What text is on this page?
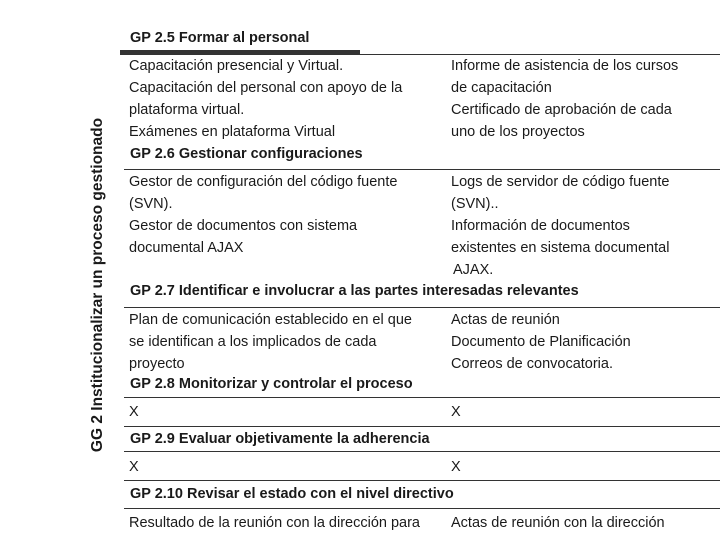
GG 2 Institucionalizar un proceso gestionado
GP 2.5 Formar al personal
Capacitación presencial y Virtual.
Capacitación del personal con apoyo de la
plataforma virtual.
Exámenes en plataforma Virtual
Informe de asistencia de los cursos
de capacitación
Certificado de aprobación de cada
uno de los proyectos
GP 2.6 Gestionar configuraciones
Gestor de configuración del código fuente
(SVN).
Gestor de documentos con sistema
documental AJAX
Logs de servidor de código fuente
(SVN)..
Información de documentos
existentes en sistema documental
AJAX.
GP 2.7 Identificar e involucrar a las partes interesadas relevantes
Plan de comunicación establecido en el que
se identifican a los implicados de cada
proyecto
Actas de reunión
Documento de Planificación
Correos de convocatoria.
GP 2.8 Monitorizar y controlar el proceso
X	X
GP 2.9 Evaluar objetivamente la adherencia
X	X
GP 2.10 Revisar el estado con el nivel directivo
Resultado de la reunión con la dirección para Actas de reunión con la dirección
